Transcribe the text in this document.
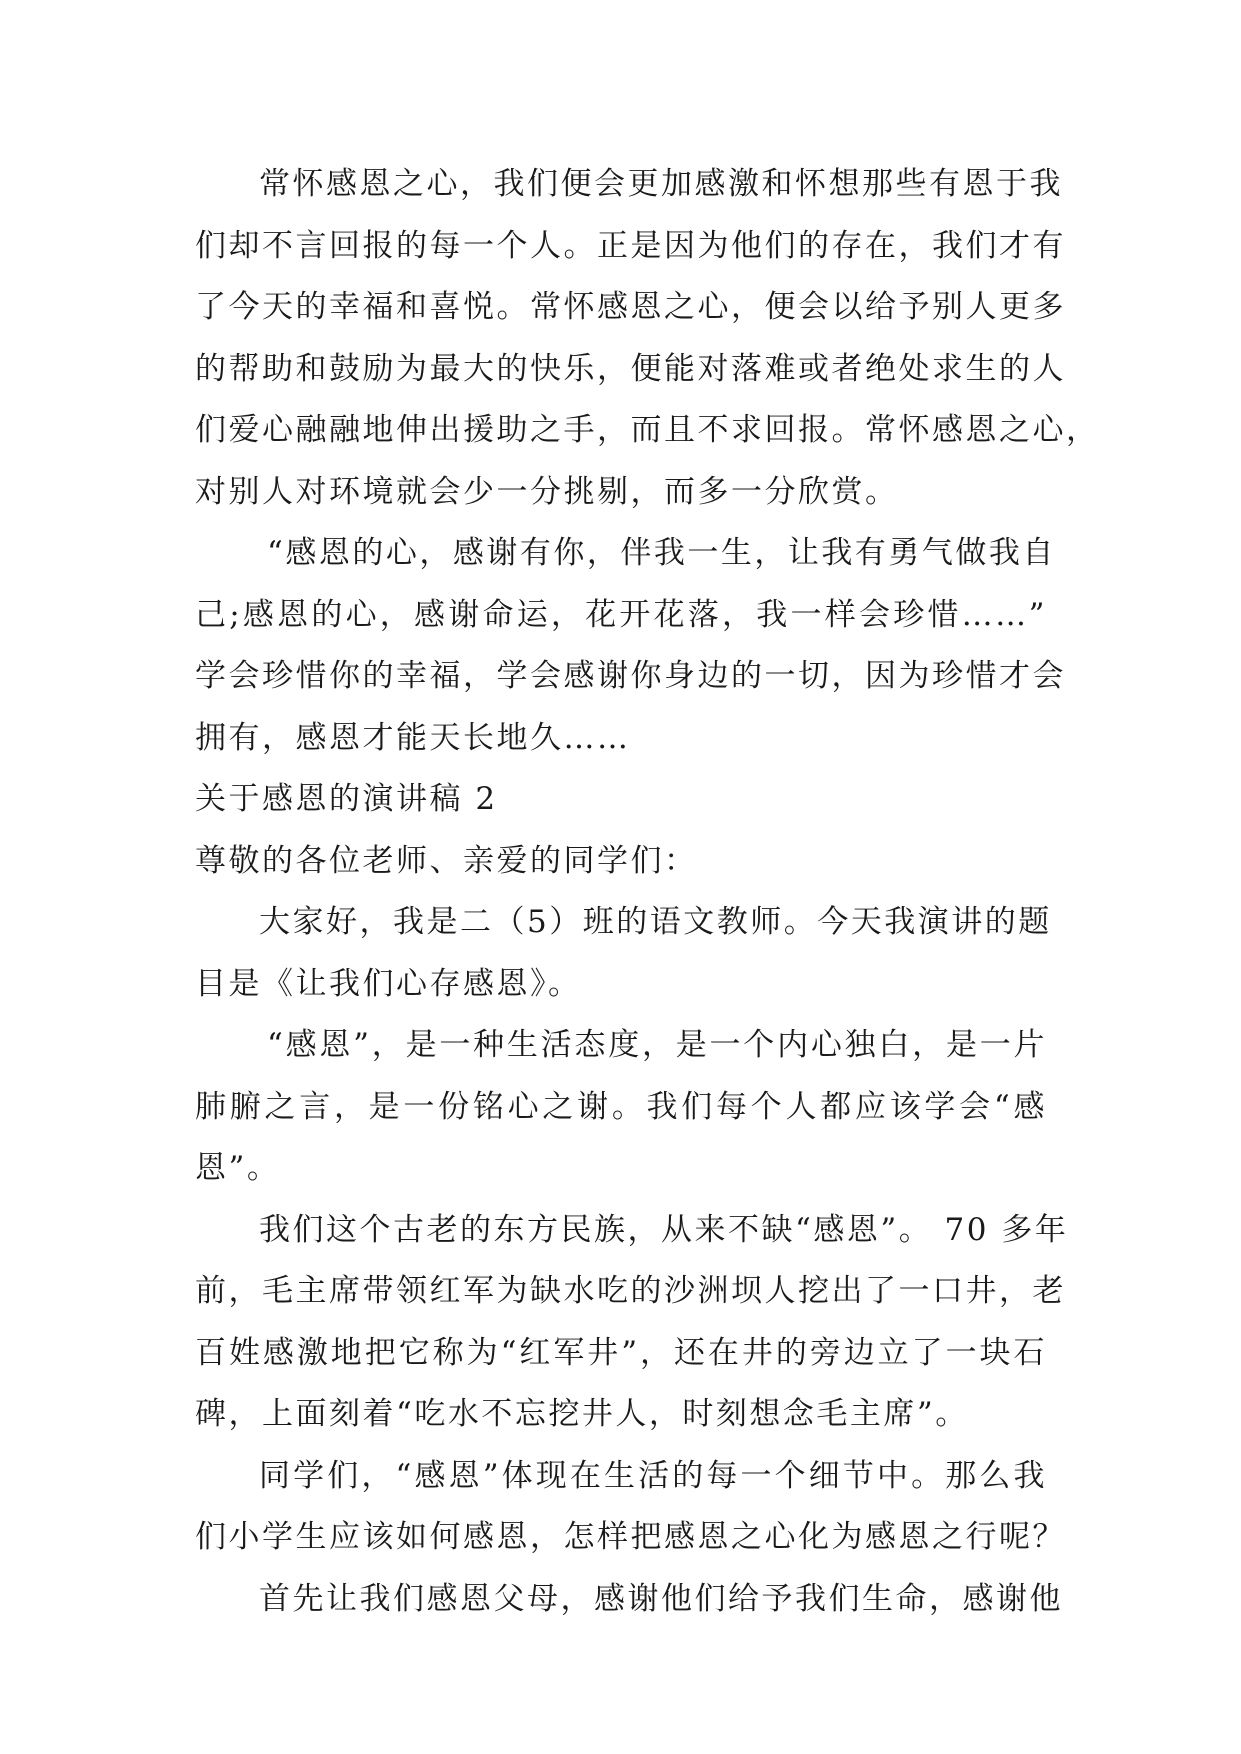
常怀感恩之心，我们便会更加感激和怀想那些有恩于我
们却不言回报的每一个人。正是因为他们的存在，我们才有
了今天的幸福和喜悦。常怀感恩之心，便会以给予别人更多
的帮助和鼓励为最大的快乐，便能对落难或者绝处求生的人
们爱心融融地伸出援助之手，而且不求回报。常怀感恩之心，
对别人对环境就会少一分挑剔，而多一分欣赏。
“感恩的心，感谢有你，伴我一生，让我有勇气做我自
己;感恩的心，感谢命运，花开花落，我一样会珍惜……”
学会珍惜你的幸福，学会感谢你身边的一切，因为珍惜才会
拥有，感恩才能天长地久……
关于感恩的演讲稿 2
尊敬的各位老师、亲爱的同学们：
大家好，我是二（5）班的语文教师。今天我演讲的题
目是《让我们心存感恩》。
“感恩”，是一种生活态度，是一个内心独白，是一片
肺腑之言，是一份铭心之谢。我们每个人都应该学会“感
恩”。
我们这个古老的东方民族，从来不缺“感恩”。 70 多年
前，毛主席带领红军为缺水吃的沙洲坝人挖出了一口井，老
百姓感激地把它称为“红军井”，还在井的旁边立了一块石
碑，上面刻着“吃水不忘挖井人，时刻想念毛主席”。
同学们，“感恩”体现在生活的每一个细节中。那么我
们小学生应该如何感恩，怎样把感恩之心化为感恩之行呢？
首先让我们感恩父母，感谢他们给予我们生命，感谢他
